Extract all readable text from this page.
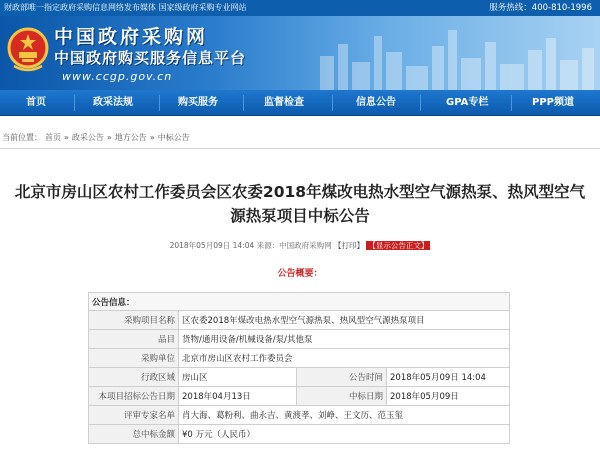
财政部唯一指定政府采购信息网络发布媒体 国家级政府采购专业网站	服务热线：400-810-1996
中国政府采购网
中国政府购买服务信息平台
www.ccgp.gov.cn
首页	政采法规	购买服务	监督检查	信息公告	GPA专栏	PPP频道
当前位置： 首页 » 政采公告 » 地方公告 » 中标公告
北京市房山区农村工作委员会区农委2018年煤改电热水型空气源热泵、热风型空气
源热泵项目中标公告
2018年05月09日 14:04 来源：中国政府采购网 【打印】 【显示公告正文】
公告概要：
公告信息：			
采购项目名称	区农委2018年煤改电热水型空气源热泵、热风型空气源热泵项目		
品目	货物/通用设备/机械设备/泵/其他泵		
采购单位	北京市房山区农村工作委员会		
行政区域	房山区	公告时间	2018年05月09日 14:04
本项目招标公告日期	2018年04月13日	中标日期	2018年05月09日
评审专家名单	肖大海、葛粉利、曲永吉、黄渡孝、刘峥、王文历、范玉玺		
总中标金额	¥0 万元（人民币）		
